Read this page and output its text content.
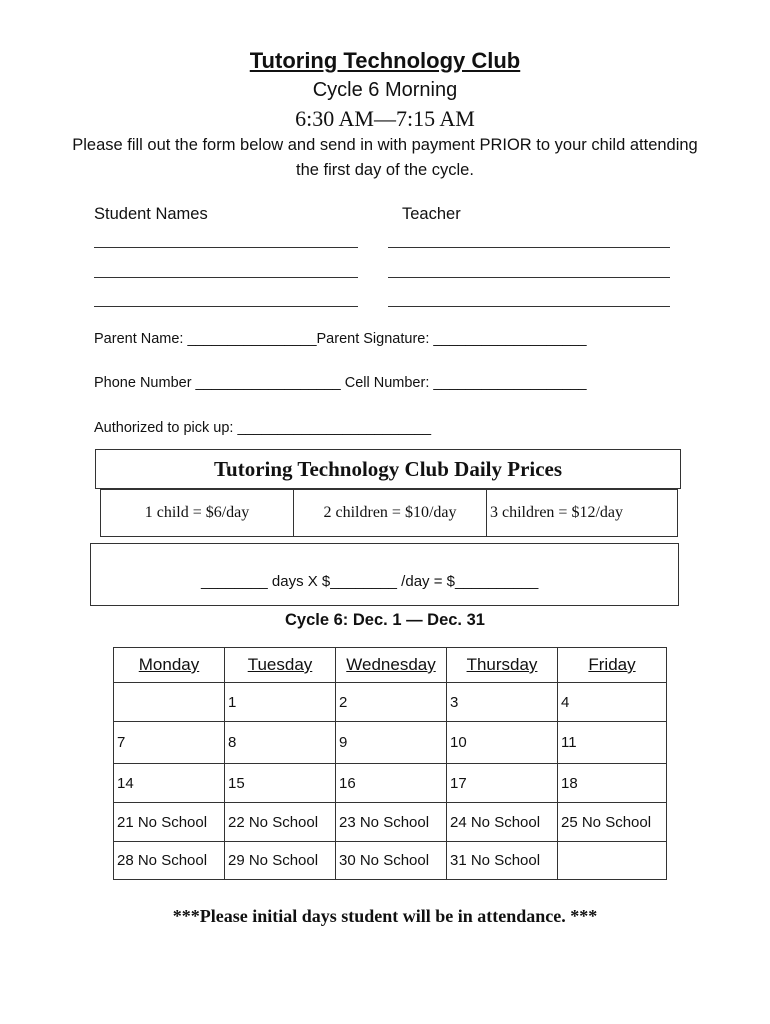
Tutoring Technology Club
Cycle 6 Morning
6:30 AM—7:15 AM
Please fill out the form below and send in with payment PRIOR to your child attending the first day of the cycle.
Student Names	Teacher
Parent Name: ________________Parent Signature: ___________________
Phone Number __________________ Cell Number: ___________________
Authorized to pick up: ________________________
Tutoring Technology Club Daily Prices
1 child = $6/day	2 children = $10/day	3 children = $12/day
________ days X $________ /day = $__________
Cycle 6: Dec. 1 — Dec. 31
Monday	Tuesday	Wednesday	Thursday	Friday
	1	2	3	4
7	8	9	10	11
14	15	16	17	18
21 No School	22 No School	23 No School	24 No School	25 No School
28 No School	29 No School	30 No School	31 No School	
***Please initial days student will be in attendance. ***
